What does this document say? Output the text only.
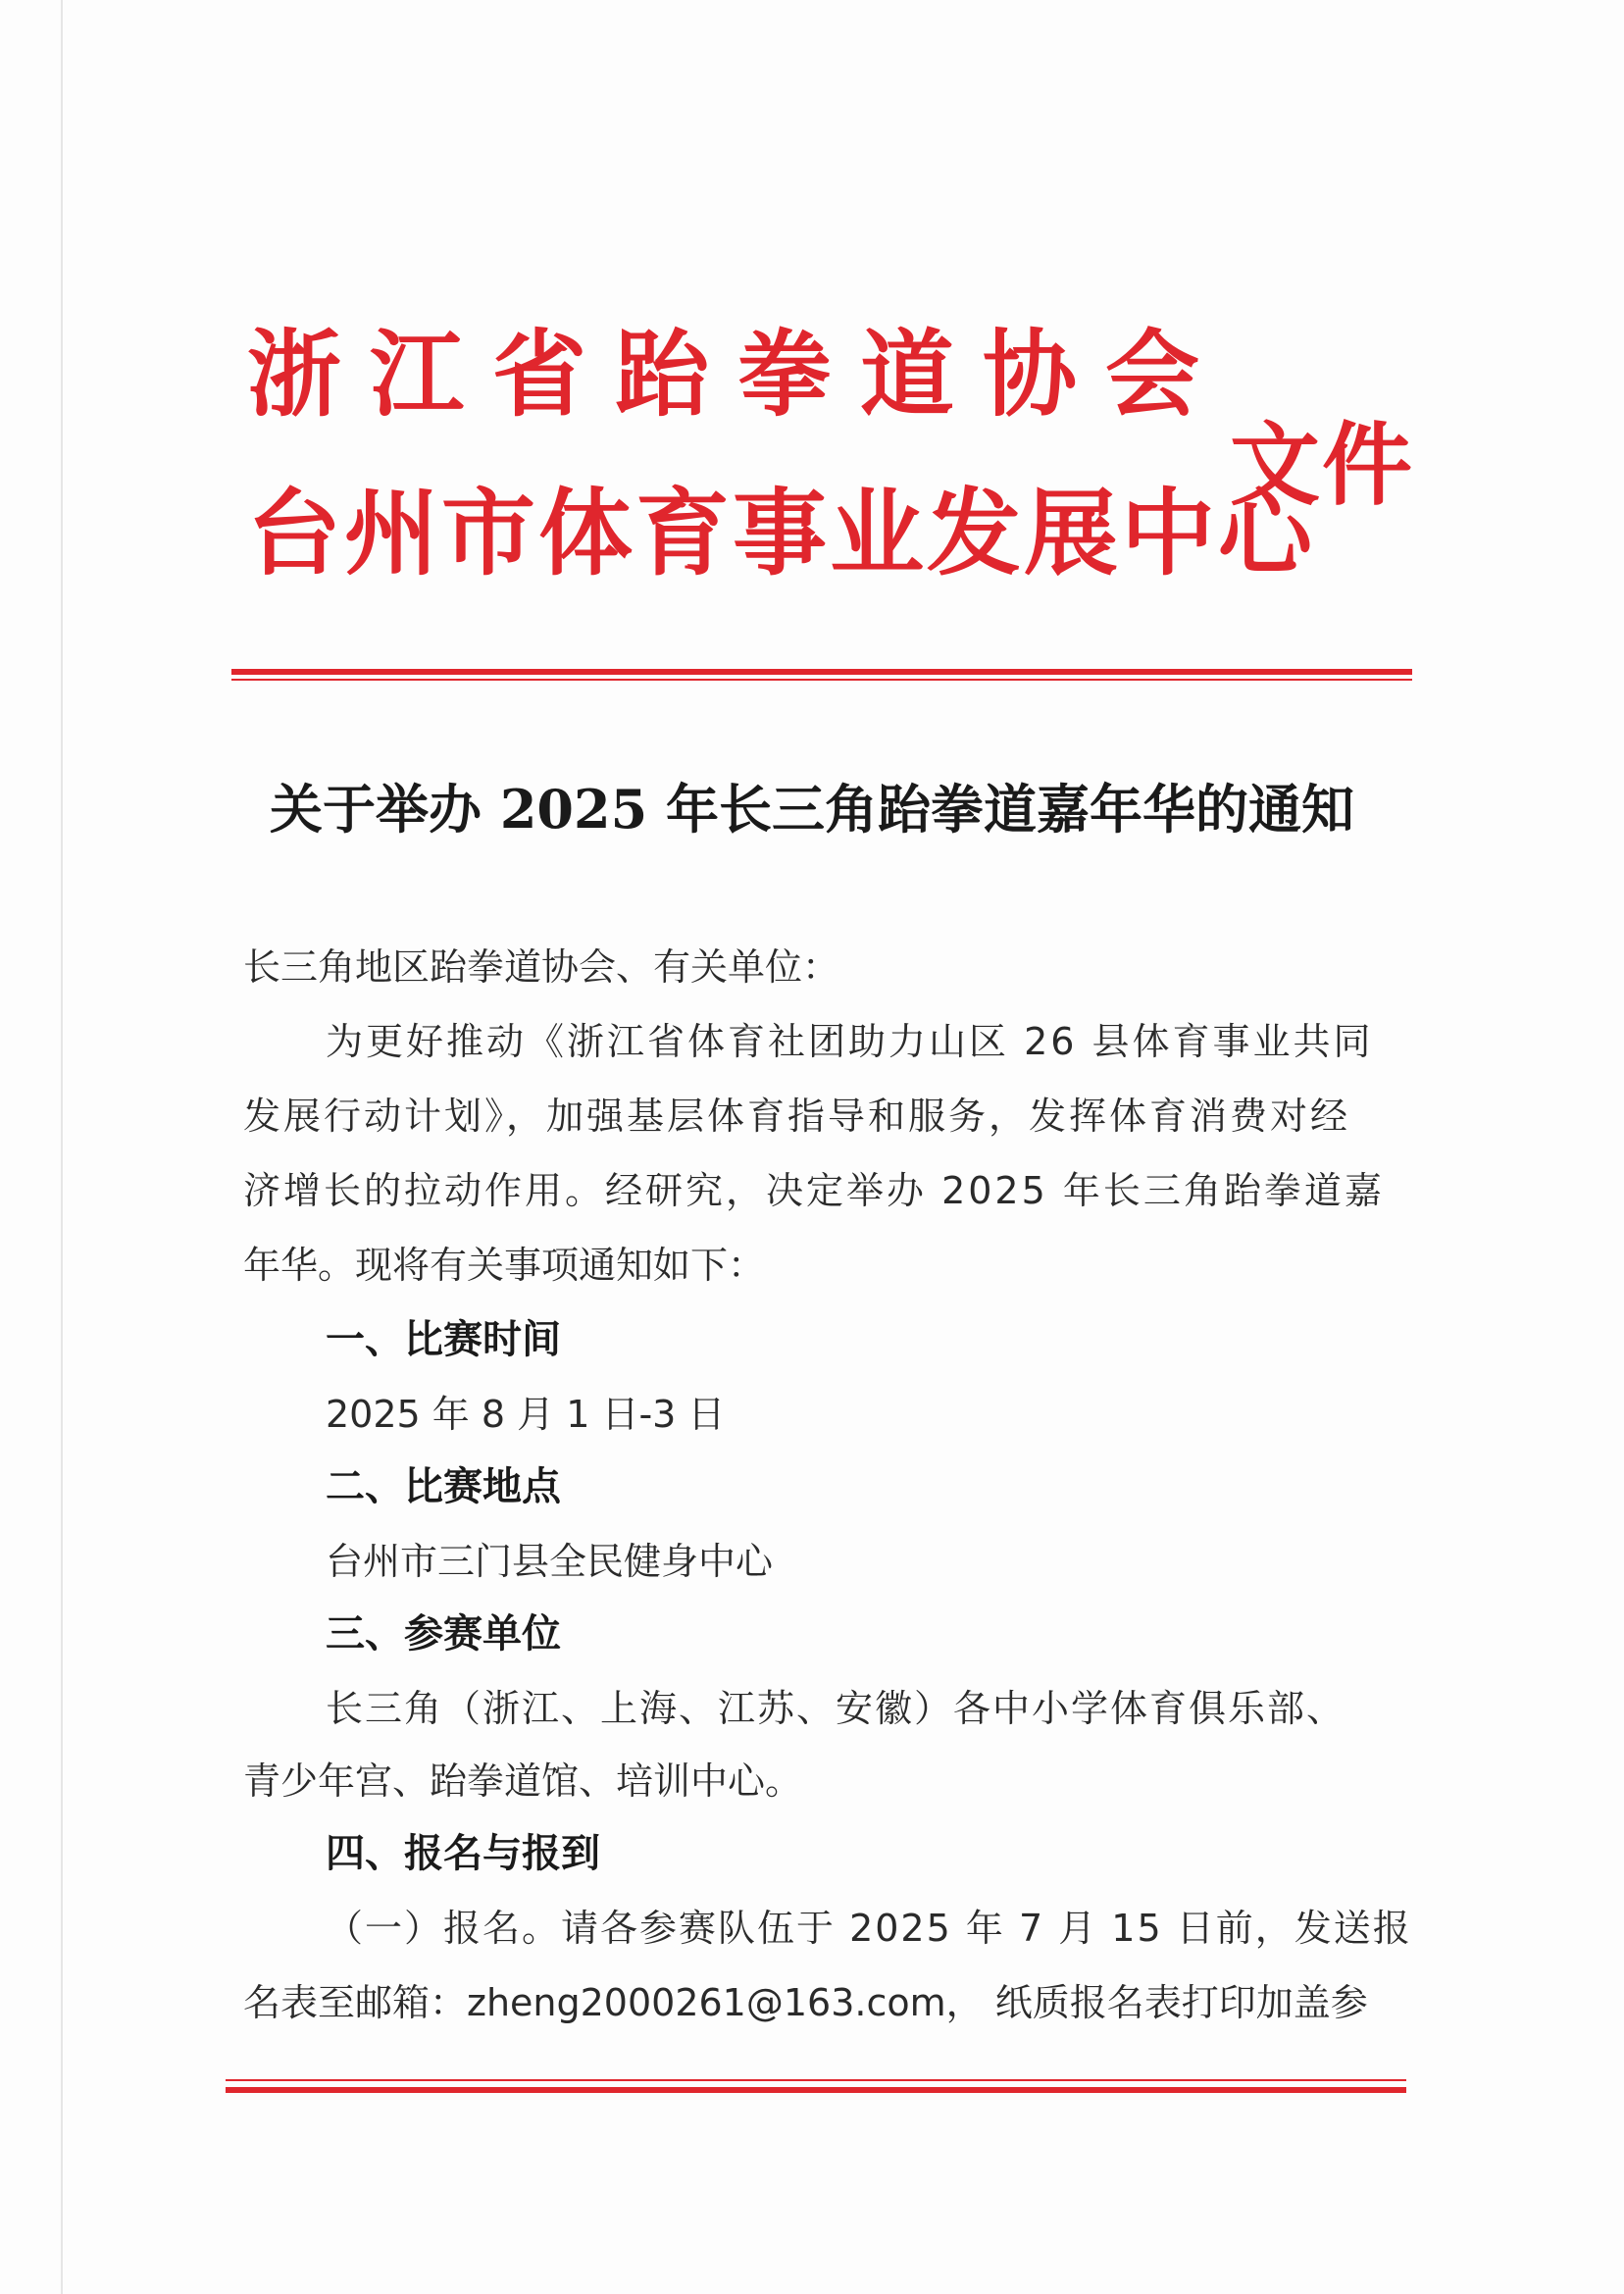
浙江省跆拳道协会
台州市体育事业发展中心
文件
关于举办 2025 年长三角跆拳道嘉年华的通知
长三角地区跆拳道协会、有关单位：
为更好推动《浙江省体育社团助力山区 26 县体育事业共同
发展行动计划》，加强基层体育指导和服务，发挥体育消费对经
济增长的拉动作用。经研究，决定举办 2025 年长三角跆拳道嘉
年华。现将有关事项通知如下：
一、比赛时间
2025 年 8 月 1 日-3 日
二、比赛地点
台州市三门县全民健身中心
三、参赛单位
长三角（浙江、上海、江苏、安徽）各中小学体育俱乐部、
青少年宫、跆拳道馆、培训中心。
四、报名与报到
（一）报名。请各参赛队伍于 2025 年 7 月 15 日前，发送报
名表至邮箱：zheng2000261@163.com， 纸质报名表打印加盖参
